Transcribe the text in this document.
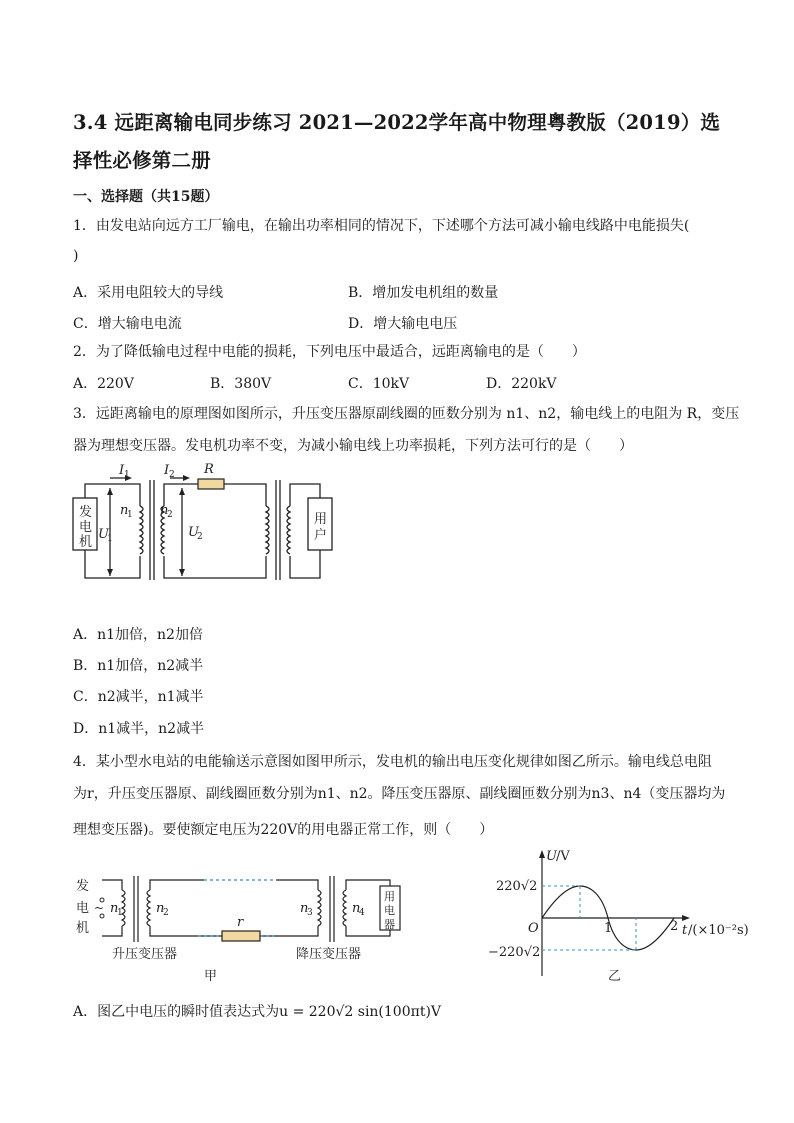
3.4 远距离输电同步练习 2021—2022学年高中物理粤教版（2019）选择性必修第二册
一、选择题（共15题）
1．由发电站向远方工厂输电，在输出功率相同的情况下，下述哪个方法可减小输电线路中电能损失(
)
A．采用电阻较大的导线	B．增加发电机组的数量
C．增大输电电流	D．增大输电电压
2．为了降低输电过程中电能的损耗，下列电压中最适合，远距离输电的是（　　）
A．220V	B．380V	C．10kV	D．220kV
3．远距离输电的原理图如图所示，升压变压器原副线圈的匝数分别为 n1、n2，输电线上的电阻为 R，变压
器为理想变压器。发电机功率不变，为减小输电线上功率损耗，下列方法可行的是（　　）
发
电
机
用
户
I 1	I 2 R
n
1 n
2
U
1	U
2
A．n1加倍，n2加倍
B．n1加倍，n2减半
C．n2减半，n1减半
D．n1减半，n2减半
4．某小型水电站的电能输送示意图如图甲所示，发电机的输出电压变化规律如图乙所示。输电线总电阻
为r，升压变压器原、副线圈匝数分别为n1、n2。降压变压器原、副线圈匝数分别为n3、n4（变压器均为
理想变压器)。要使额定电压为220V的用电器正常工作，则（　　）
发
电
机
~ n
1	n
2	n
3	n
4
r
用
电
器
升压变压器	降压变压器
甲
U /V
220√2
−220√2
O	1	2 t /(×10⁻²s)
乙
A．图乙中电压的瞬时值表达式为u = 220√2 sin(100πt)V
